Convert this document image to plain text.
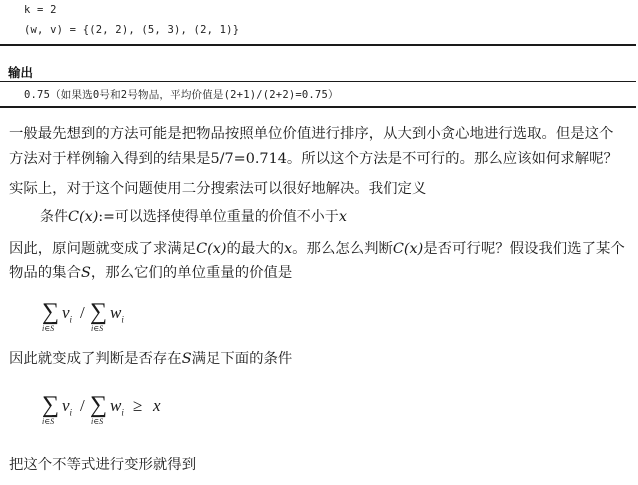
k = 2
(w, v) = {(2, 2), (5, 3), (2, 1)}
输出
0.75（如果选0号和2号物品，平均价值是(2+1)/(2+2)=0.75）
一般最先想到的方法可能是把物品按照单位价值进行排序，从大到小贪心地进行选取。但是这个
方法对于样例输入得到的结果是5/7=0.714。所以这个方法是不可行的。那么应该如何求解呢？
实际上，对于这个问题使用二分搜索法可以很好地解决。我们定义
条件C(x):=可以选择使得单位重量的价值不小于x
因此，原问题就变成了求满足C(x)的最大的x。那么怎么判断C(x)是否可行呢？假设我们选了某个
物品的集合S，那么它们的单位重量的价值是
∑
i∈S
$v_i$ / ∑
i∈S
$w_i$
因此就变成了判断是否存在S满足下面的条件
∑
i∈S
$v_i$ / ∑
i∈S
$w_i \ge x$
把这个不等式进行变形就得到
